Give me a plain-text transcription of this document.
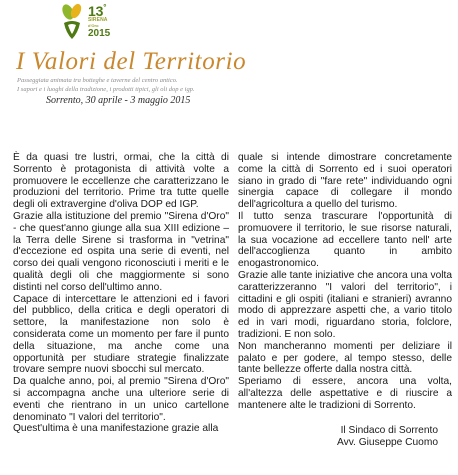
13°
SIRENA
d'Oro
2015
I Valori del Territorio
Passeggiata animata tra botteghe e taverne del centro antico.
I sapori e i luoghi della tradizione, i prodotti tipici, gli oli dop e igp.
Sorrento, 30 aprile - 3 maggio 2015

È da quasi tre lustri, ormai, che la città di Sorrento è protagonista di attività volte a promuovere le eccellenze che caratterizzano le produzioni del territorio. Prime tra tutte quelle degli oli extravergine d'oliva DOP ed IGP.

Grazie alla istituzione del premio "Sirena d'Oro" - che quest'anno giunge alla sua XIII edizione – la Terra delle Sirene si trasforma in "vetrina" d'eccezione ed ospita una serie di eventi, nel corso dei quali vengono riconosciuti i meriti e le qualità degli oli che maggiormente si sono distinti nel corso dell'ultimo anno.

Capace di intercettare le attenzioni ed i favori del pubblico, della critica e degli operatori di settore, la manifestazione non solo è considerata come un momento per fare il punto della situazione, ma anche come una opportunità per studiare strategie finalizzate trovare sempre nuovi sbocchi sul mercato.

Da qualche anno, poi, al premio "Sirena d'Oro" si accompagna anche una ulteriore serie di eventi che rientrano in un unico cartellone denominato "I valori del territorio".

Quest'ultima è una manifestazione grazie alla

quale si intende dimostrare concretamente come la città di Sorrento ed i suoi operatori siano in grado di "fare rete" individuando ogni sinergia capace di collegare il mondo dell'agricoltura a quello del turismo.

Il tutto senza trascurare l'opportunità di promuovere il territorio, le sue risorse naturali, la sua vocazione ad eccellere tanto nell' arte dell'accoglienza quanto in ambito enogastronomico.

Grazie alle tante iniziative che ancora una volta caratterizzeranno "I valori del territorio", i cittadini e gli ospiti (italiani e stranieri) avranno modo di apprezzare aspetti che, a vario titolo ed in vari modi, riguardano storia, folclore, tradizioni. E non solo.

Non mancheranno momenti per deliziare il palato e per godere, al tempo stesso, delle tante bellezze offerte dalla nostra città.

Speriamo di essere, ancora una volta, all'altezza delle aspettative e di riuscire a mantenere alte le tradizioni di Sorrento.

Il Sindaco di Sorrento
Avv. Giuseppe Cuomo
